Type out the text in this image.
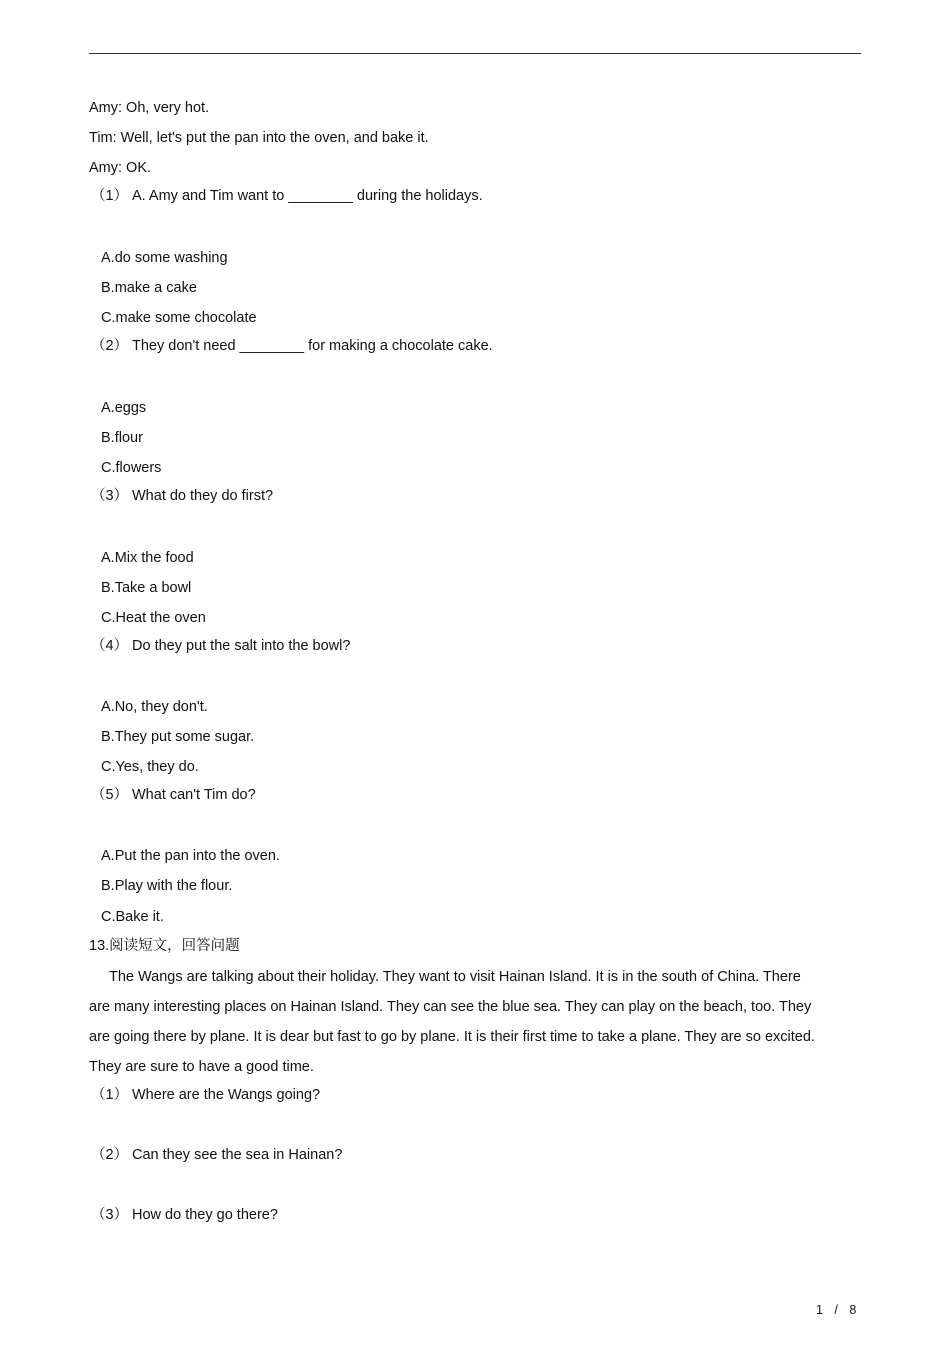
Amy: Oh, very hot.
Tim: Well, let's put the pan into the oven, and bake it.
Amy: OK.
（1） A. Amy and Tim want to ________ during the holidays.
A.do some washing
B.make a cake
C.make some chocolate
（2） They don't need ________ for making a chocolate cake.
A.eggs
B.flour
C.flowers
（3） What do they do first?
A.Mix the food
B.Take a bowl
C.Heat the oven
（4） Do they put the salt into the bowl?
A.No, they don't.
B.They put some sugar.
C.Yes, they do.
（5） What can't Tim do?
A.Put the pan into the oven.
B.Play with the flour.
C.Bake it.
13.阅读短文，回答问题
The Wangs are talking about their holiday. They want to visit Hainan Island. It is in the south of China. There
are many interesting places on Hainan Island. They can see the blue sea. They can play on the beach, too. They
are going there by plane. It is dear but fast to go by plane. It is their first time to take a plane. They are so excited.
They are sure to have a good time.
（1） Where are the Wangs going?
（2） Can they see the sea in Hainan?
（3） How do they go there?
1 / 8
